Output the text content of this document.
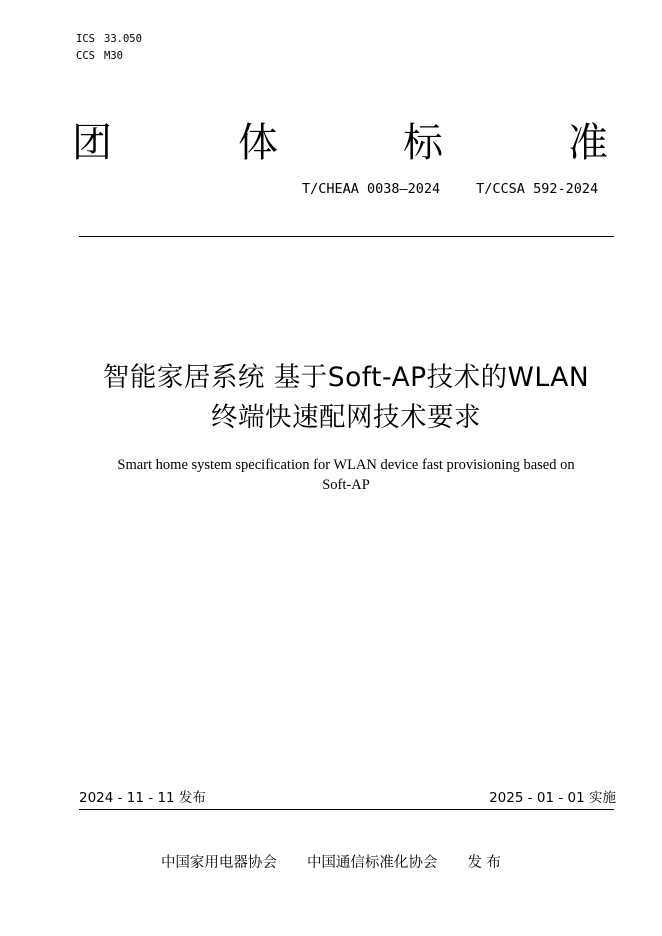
ICS 33.050
CCS M30
团	体	标	准
T/CHEAA 0038—2024	T/CCSA 592-2024
智能家居系统 基于Soft-AP技术的WLAN
终端快速配网技术要求
Smart home system specification for WLAN device fast provisioning based on
Soft-AP
2024 - 11 - 11 发布	2025 - 01 - 01 实施
中国家用电器协会 中国通信标准化协会 发 布
